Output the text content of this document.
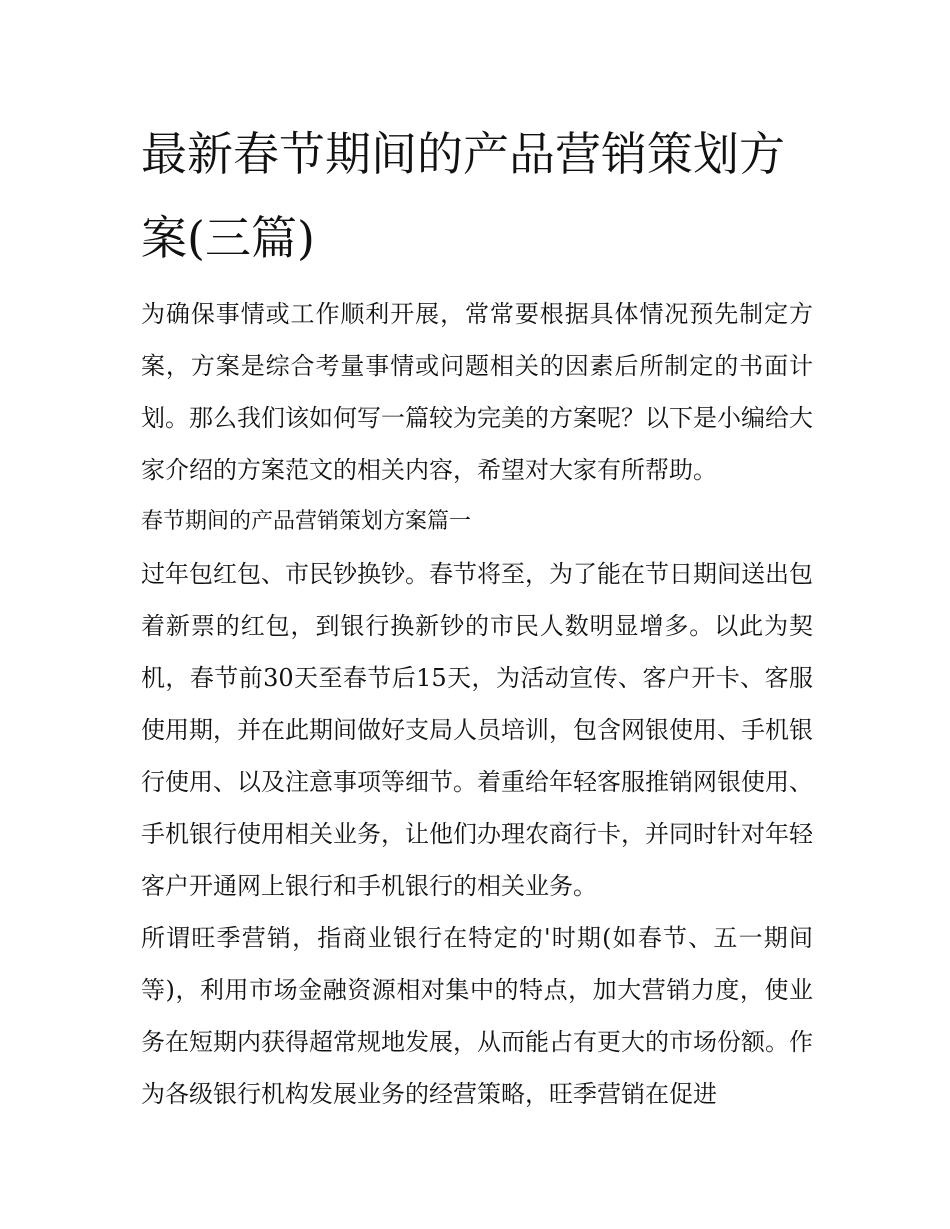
最新春节期间的产品营销策划方案(三篇)

为确保事情或工作顺利开展，常常要根据具体情况预先制定方案，方案是综合考量事情或问题相关的因素后所制定的书面计划。那么我们该如何写一篇较为完美的方案呢？以下是小编给大家介绍的方案范文的相关内容，希望对大家有所帮助。

春节期间的产品营销策划方案篇一

过年包红包、市民钞换钞。春节将至，为了能在节日期间送出包着新票的红包，到银行换新钞的市民人数明显增多。以此为契机，春节前30天至春节后15天，为活动宣传、客户开卡、客服使用期，并在此期间做好支局人员培训，包含网银使用、手机银行使用、以及注意事项等细节。着重给年轻客服推销网银使用、手机银行使用相关业务，让他们办理农商行卡，并同时针对年轻客户开通网上银行和手机银行的相关业务。

所谓旺季营销，指商业银行在特定的'时期(如春节、五一期间等)，利用市场金融资源相对集中的特点，加大营销力度，使业务在短期内获得超常规地发展，从而能占有更大的市场份额。作为各级银行机构发展业务的经营策略，旺季营销在促进
